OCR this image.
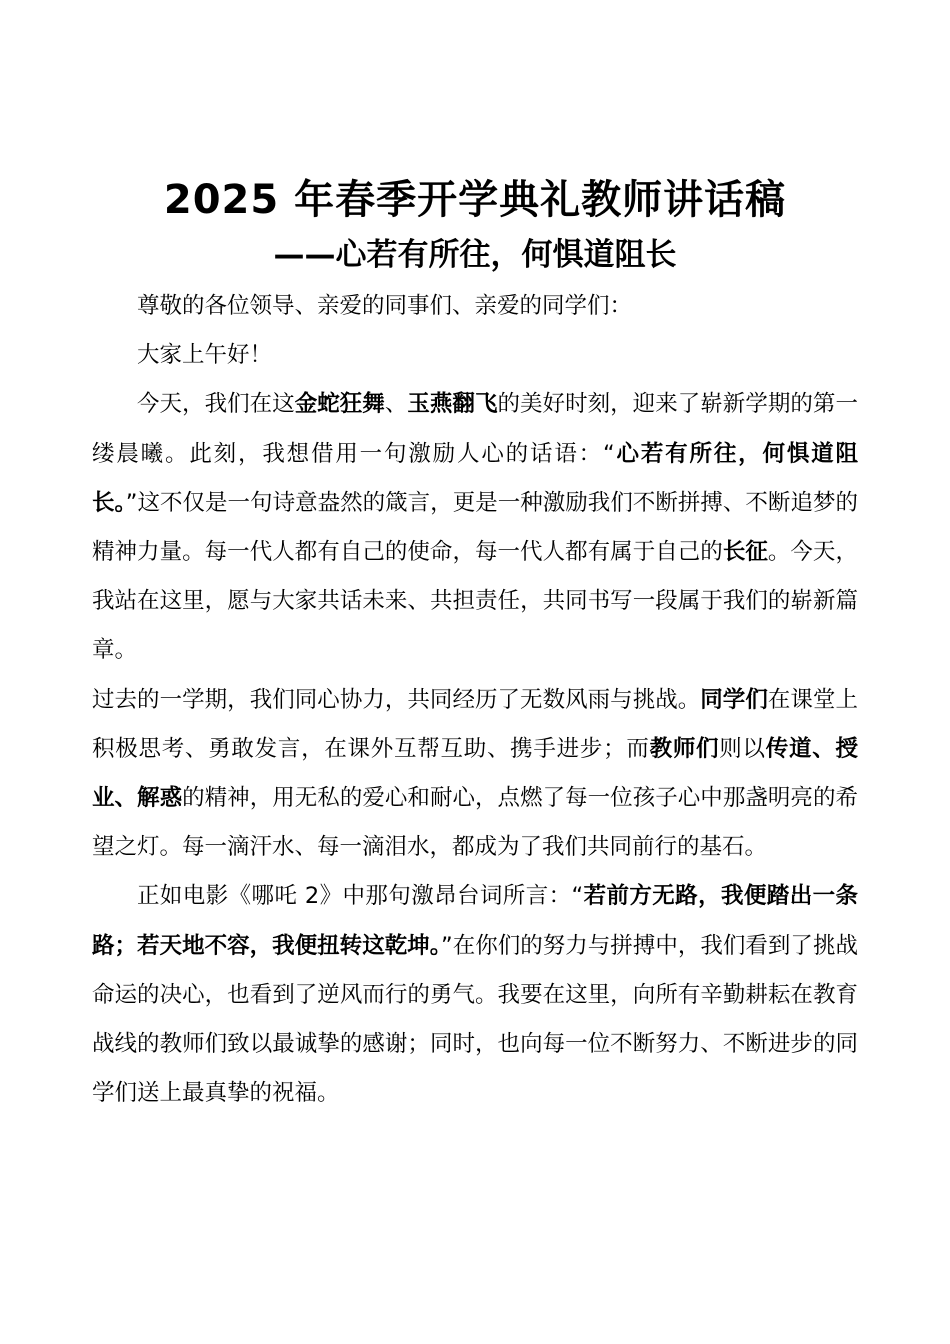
2025 年春季开学典礼教师讲话稿
——心若有所往，何惧道阻长

尊敬的各位领导、亲爱的同事们、亲爱的同学们：

大家上午好！

今天，我们在这金蛇狂舞、玉燕翻飞的美好时刻，迎来了崭新学期的第一缕晨曦。此刻，我想借用一句激励人心的话语：“心若有所往，何惧道阻长。”这不仅是一句诗意盎然的箴言，更是一种激励我们不断拼搏、不断追梦的精神力量。每一代人都有自己的使命，每一代人都有属于自己的长征。今天，我站在这里，愿与大家共话未来、共担责任，共同书写一段属于我们的崭新篇章。

过去的一学期，我们同心协力，共同经历了无数风雨与挑战。同学们在课堂上积极思考、勇敢发言，在课外互帮互助、携手进步；而教师们则以传道、授业、解惑的精神，用无私的爱心和耐心，点燃了每一位孩子心中那盏明亮的希望之灯。每一滴汗水、每一滴泪水，都成为了我们共同前行的基石。

正如电影《哪吒 2》中那句激昂台词所言：“若前方无路，我便踏出一条路；若天地不容，我便扭转这乾坤。”在你们的努力与拼搏中，我们看到了挑战命运的决心，也看到了逆风而行的勇气。我要在这里，向所有辛勤耕耘在教育战线的教师们致以最诚挚的感谢；同时，也向每一位不断努力、不断进步的同学们送上最真挚的祝福。
